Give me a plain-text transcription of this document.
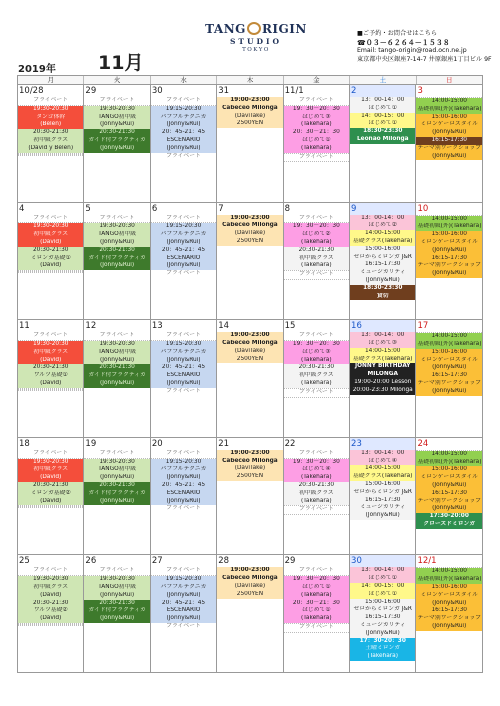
TANG RIGIN
STUDIO
TOKYO
■ご予約・お問合せはこちら
☎０３－６２６４－１５３８
Email: tango-origin@road.ocn.ne.jp
東京都中央区銀座7-14-7 井原銀座1丁目ビル 9F
2019年 11月
月	火	水	木	金	土	日
10/28
プライベート
19:30-20:30
タンゴ体幹
(Belen)
20:30-21:30
初中級クラス
(David y Belen)
29
プライベート
19:30-20:30
TANGO初中級
(Jonny&Rui)
20:30-21:30
ガイド付プラクティカ
(Jonny&Rui)
30
プライベート
19:15-20:30
パフフルテクニカ
(Jonny&Rui)
20：45-21：45
ESCENARIO
(Jonny&Rui)
プライベート
31
19:00-23:00
Cabeceo Milonga
(DaviTake)
2500YEN
11/1
プライベート
19：30－20：30
はじめて③
(Takehara)
20：30－21：30
はじめて①
(Takehara)
プライベート
2
13：00-14：00
はじめて①
14：00-15：00
はじめて①
18:30-23:30
Leonao Milonga
3
14:00-15:00
基礎初級(外)(Takehara)
15:00-16:00
ミロンゲーロスタイル
(Jonny&Rui)
16:15-17:30
テーマ別ワークショップ
(Jonny&Rui)
4
プライベート
19:30-20:30
初中級クラス
(David)
20:30-21:30
ミロンガ基礎①
(David)
5
プライベート
19:30-20:30
TANGO初中級
(Jonny&Rui)
20:30-21:30
ガイド付プラクティカ
(Jonny&Rui)
6
プライベート
19:15-20:30
パフフルテクニカ
(Jonny&Rui)
20：45-21：45
ESCENARIO
(Jonny&Rui)
プライベート
7
19:00-23:00
Cabeceo Milonga
(DaviTake)
2500YEN
8
プライベート
19：30－20：30
はじめて②
(Takehara)
20:30-21:30
初中級クラス
(Takehara)
プライベート
9
13：00-14：00
はじめて②
14:00-15:00
基礎クラス(Takehara)
15:00-16:00
ゼロからミロンガ J&R
16:15-17:30
ミュージカリティ
(Jonny&Rui)
18:30-23:30
貸切
10
14:00-15:00
基礎初級(外)(Takehara)
15:00-16:00
ミロンゲーロスタイル
(Jonny&Rui)
16:15-17:30
テーマ別ワークショップ
(Jonny&Rui)
11
プライベート
19:30-20:30
初中級クラス
(David)
20:30-21:30
ワルツ基礎①
(David)
12
プライベート
19:30-20:30
TANGO初中級
(Jonny&Rui)
20:30-21:30
ガイド付プラクティカ
(Jonny&Rui)
13
プライベート
19:15-20:30
パフフルテクニカ
(Jonny&Rui)
20：45-21：45
ESCENARIO
(Jonny&Rui)
プライベート
14
19:00-23:00
Cabeceo Milonga
(DaviTake)
2500YEN
15
プライベート
19：30－20：30
はじめて③
(Takehara)
20:30-21:30
初中級クラス
(Takehara)
プライベート
16
13：00-14：00
はじめて③
14:00-15:00
基礎クラス(Takehara)
JONNY BIRTHDAY
MILONGA
19:00-20:00 Lesson
20:00-23:30 Milonga
17
14:00-15:00
基礎初級(外)(Takehara)
15:00-16:00
ミロンゲーロスタイル
(Jonny&Rui)
16:15-17:30
テーマ別ワークショップ
(Jonny&Rui)
18
プライベート
19:30-20:30
初中級クラス
(David)
20:30-21:30
ミロンガ基礎②
(David)
19
プライベート
19:30-20:30
TANGO初中級
(Jonny&Rui)
20:30-21:30
ガイド付プラクティカ
(Jonny&Rui)
20
プライベート
19:15-20:30
パフフルテクニカ
(Jonny&Rui)
20：45-21：45
ESCENARIO
(Jonny&Rui)
プライベート
21
19:00-23:00
Cabeceo Milonga
(DaviTake)
2500YEN
22
プライベート
19：30－20：30
はじめて④
(Takehara)
20:30-21:30
初中級クラス
(Takehara)
プライベート
23
13：00-14：00
はじめて④
14:00-15:00
基礎クラス(Takehara)
15:00-16:00
ゼロからミロンガ J&R
16:15-17:30
ミュージカリティ
(Jonny&Rui)
24
14:00-15:00
基礎初級(外)(Takehara)
15:00-16:00
ミロンゲーロスタイル
(Jonny&Rui)
16:15-17:30
テーマ別ワークショップ
(Jonny&Rui)
17:30-20:00
クローズドミロンガ
25
プライベート
19:30-20:30
初中級クラス
(David)
20:30-21:30
ワルツ基礎②
(David)
26
プライベート
19:30-20:30
TANGO初中級
(Jonny&Rui)
20:30-21:30
ガイド付プラクティカ
(Jonny&Rui)
27
プライベート
19:15-20:30
パフフルテクニカ
(Jonny&Rui)
20：45-21：45
ESCENARIO
(Jonny&Rui)
プライベート
28
19:00-23:00
Cabeceo Milonga
(DaviTake)
2500YEN
29
プライベート
19：30－20：30
はじめて①
(Takehara)
20：30－21：30
はじめて①
(Takehara)
プライベート
30
13：00-14：00
はじめて①
14：00-15：00
はじめて①
15:00-16:00
ゼロからミロンガ J&R
16:15-17:30
ミュージカリティ
(Jonny&Rui)
17：30-20：30
土曜ミロンガ
(Takehara)
12/1
14:00-15:00
基礎初級(外)(Takehara)
15:00-16:00
ミロンゲーロスタイル
(Jonny&Rui)
16:15-17:30
テーマ別ワークショップ
(Jonny&Rui)
